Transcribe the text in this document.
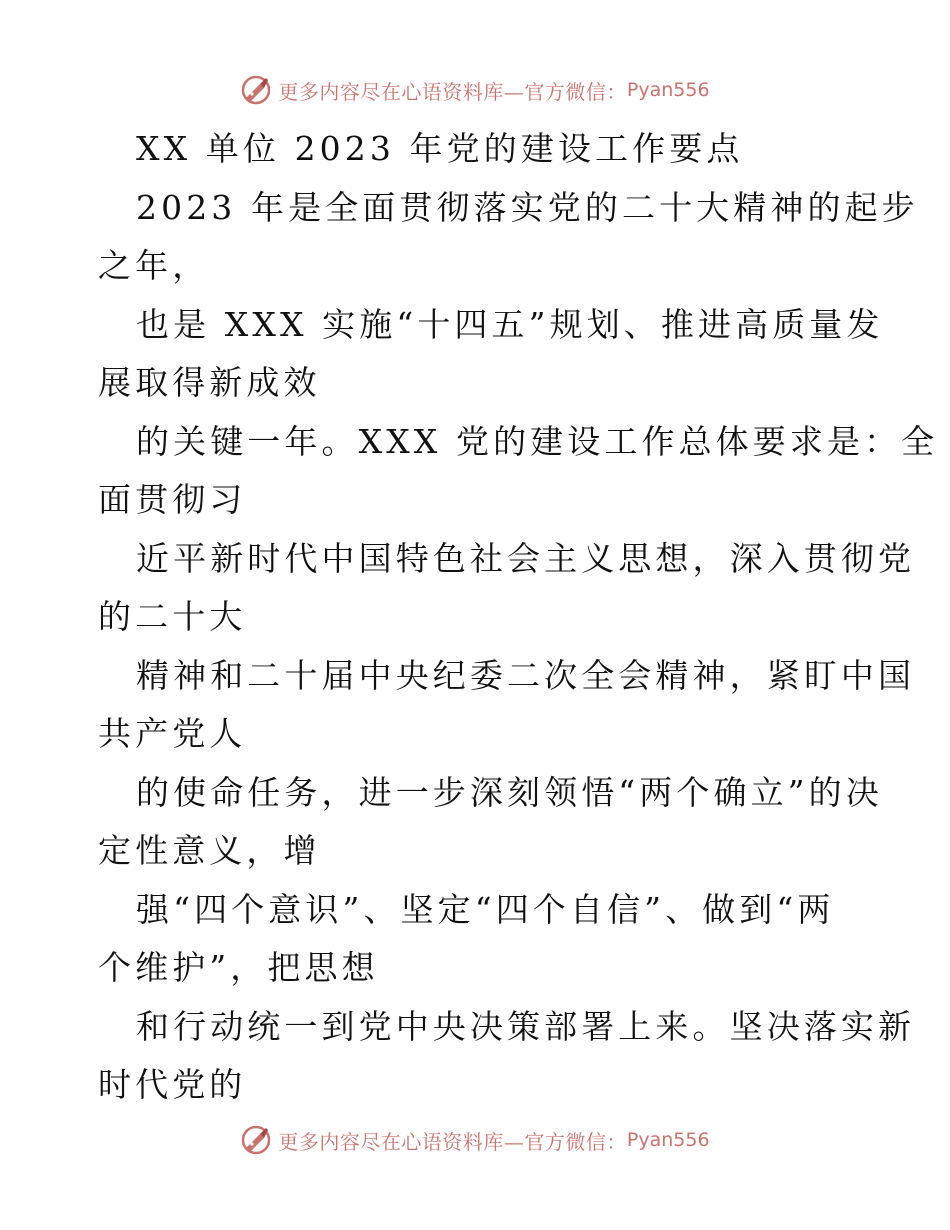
更多内容尽在心语资料库—官方微信： Pyan556
XX 单位 2023 年党的建设工作要点
2023 年是全面贯彻落实党的二十大精神的起步
之年，
也是 XXX 实施“十四五”规划、推进高质量发
展取得新成效
的关键一年。XXX 党的建设工作总体要求是：全
面贯彻习
近平新时代中国特色社会主义思想，深入贯彻党
的二十大
精神和二十届中央纪委二次全会精神，紧盯中国
共产党人
的使命任务，进一步深刻领悟“两个确立”的决
定性意义，增
强“四个意识”、坚定“四个自信”、做到“两
个维护”，把思想
和行动统一到党中央决策部署上来。坚决落实新
时代党的
更多内容尽在心语资料库—官方微信： Pyan556
